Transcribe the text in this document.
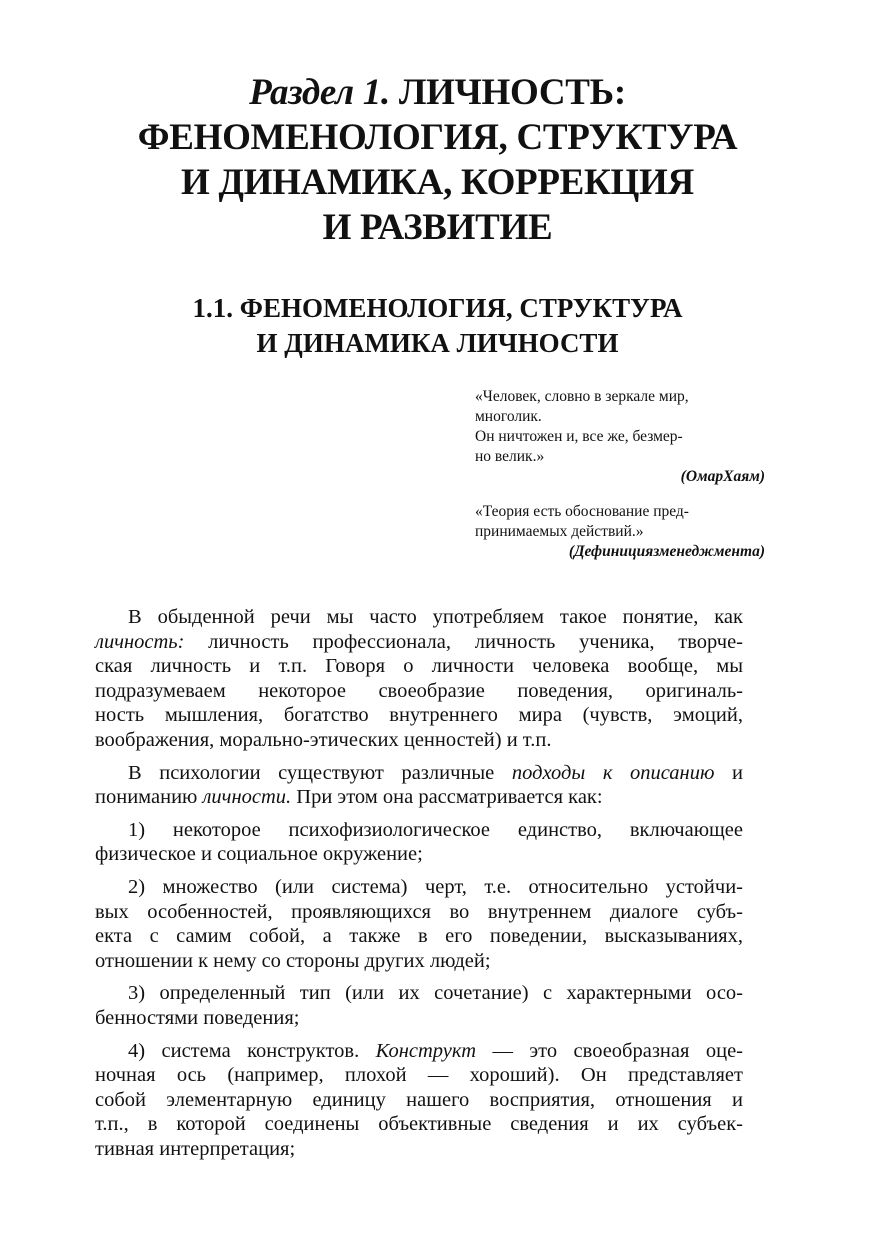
Раздел 1. ЛИЧНОСТЬ:
ФЕНОМЕНОЛОГИЯ, СТРУКТУРА
И ДИНАМИКА, КОРРЕКЦИЯ
И РАЗВИТИЕ
1.1. ФЕНОМЕНОЛОГИЯ, СТРУКТУРА
И ДИНАМИКА ЛИЧНОСТИ
«Человек, словно в зеркале мир,
многолик.
Он ничтожен и, все же, безмер-
но велик.»
(ОмарХаям)
«Теория есть обоснование пред-
принимаемых действий.»
(Дефинициязменеджмента)
В обыденной речи мы часто употребляем такое понятие, как
личность: личность профессионала, личность ученика, творче-
ская личность и т.п. Говоря о личности человека вообще, мы
подразумеваем некоторое своеобразие поведения, оригиналь-
ность мышления, богатство внутреннего мира (чувств, эмоций,
воображения, морально-этических ценностей) и т.п.
В психологии существуют различные подходы к описанию и
пониманию личности. При этом она рассматривается как:
1) некоторое психофизиологическое единство, включающее
физическое и социальное окружение;
2) множество (или система) черт, т.е. относительно устойчи-
вых особенностей, проявляющихся во внутреннем диалоге субъ-
екта с самим собой, а также в его поведении, высказываниях,
отношении к нему со стороны других людей;
3) определенный тип (или их сочетание) с характерными осо-
бенностями поведения;
4) система конструктов. Конструкт — это своеобразная оце-
ночная ось (например, плохой — хороший). Он представляет
собой элементарную единицу нашего восприятия, отношения и
т.п., в которой соединены объективные сведения и их субъек-
тивная интерпретация;
